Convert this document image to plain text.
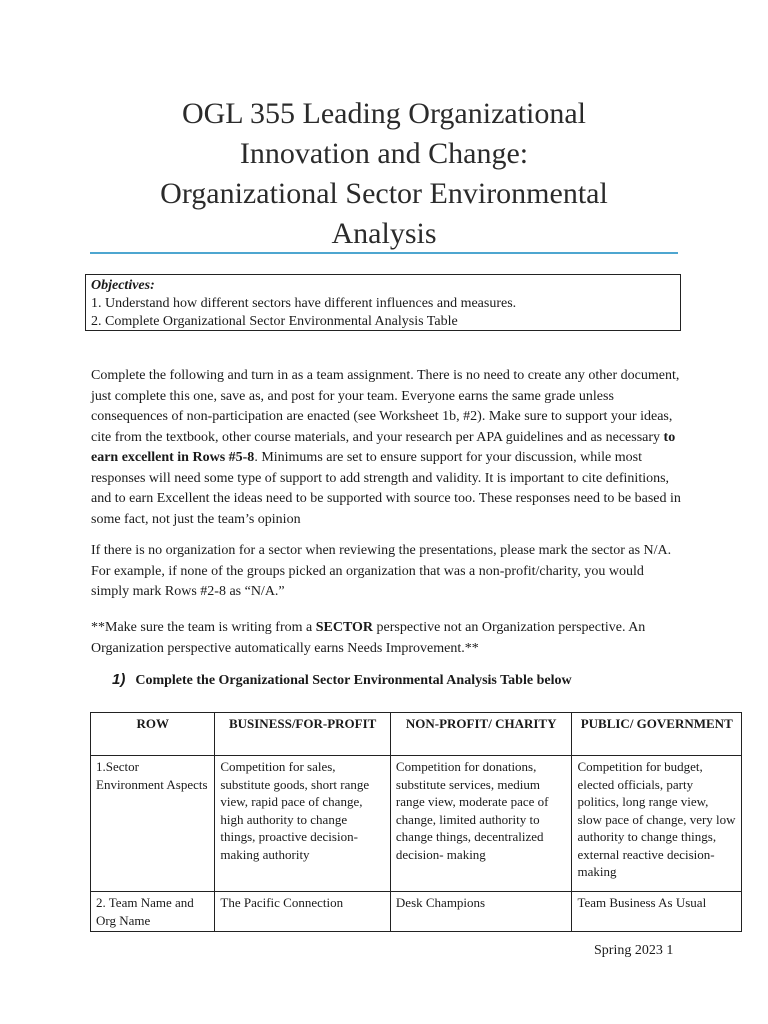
OGL 355 Leading Organizational
Innovation and Change:
Organizational Sector Environmental
Analysis
Objectives:
1. Understand how different sectors have different influences and measures.
2. Complete Organizational Sector Environmental Analysis Table
Complete the following and turn in as a team assignment. There is no need to create any other document, just complete this one, save as, and post for your team. Everyone earns the same grade unless consequences of non-participation are enacted (see Worksheet 1b, #2). Make sure to support your ideas, cite from the textbook, other course materials, and your research per APA guidelines and as necessary to earn excellent in Rows #5-8. Minimums are set to ensure support for your discussion, while most responses will need some type of support to add strength and validity. It is important to cite definitions, and to earn Excellent the ideas need to be supported with source too. These responses need to be based in some fact, not just the team’s opinion
If there is no organization for a sector when reviewing the presentations, please mark the sector as N/A. For example, if none of the groups picked an organization that was a non-profit/charity, you would simply mark Rows #2-8 as “N/A.”
**Make sure the team is writing from a SECTOR perspective not an Organization perspective. An Organization perspective automatically earns Needs Improvement.**
1) Complete the Organizational Sector Environmental Analysis Table below
ROW	BUSINESS/FOR-PROFIT	NON-PROFIT/ CHARITY	PUBLIC/ GOVERNMENT
1.Sector Environment Aspects	Competition for sales, substitute goods, short range view, rapid pace of change, high authority to change things, proactive decision-making authority	Competition for donations, substitute services, medium range view, moderate pace of change, limited authority to change things, decentralized decision- making	Competition for budget, elected officials, party politics, long range view, slow pace of change, very low authority to change things, external reactive decision-making
2. Team Name and Org Name	The Pacific Connection	Desk Champions	Team Business As Usual
Spring 2023 1
